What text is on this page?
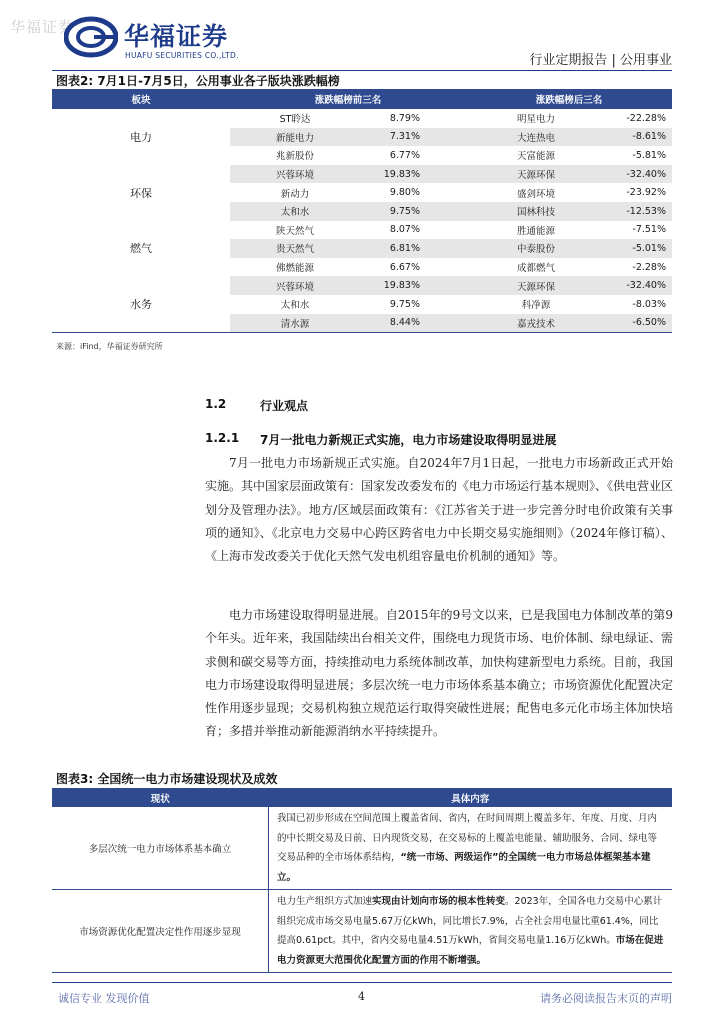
华福证券 华福证券
HUAFU SECURITIES CO.,LTD.	行业定期报告 | 公用事业
图表2: 7月1日-7月5日，公用事业各子版块涨跌幅榜
板块	涨跌幅榜前三名			涨跌幅榜后三名	
	ST聆达	8.79%		明星电力	-22.28%
电力	新能电力	7.31%		大连热电	-8.61%
	兆新股份	6.77%		天富能源	-5.81%
	兴蓉环境	19.83%		天源环保	-32.40%
环保	新动力	9.80%		盛剑环境	-23.92%
	太和水	9.75%		国林科技	-12.53%
	陕天然气	8.07%		胜通能源	-7.51%
燃气	贵天然气	6.81%		中泰股份	-5.01%
	佛燃能源	6.67%		成都燃气	-2.28%
	兴蓉环境	19.83%		天源环保	-32.40%
水务	太和水	9.75%		科净源	-8.03%
	清水源	8.44%		嘉戎技术	-6.50%
来源：iFind，华福证券研究所
1.2	行业观点
1.2.1 7月一批电力新规正式实施，电力市场建设取得明显进展
7月一批电力市场新规正式实施。自2024年7月1日起，一批电力市场新政正式开始实施。其中国家层面政策有：国家发改委发布的《电力市场运行基本规则》、《供电营业区划分及管理办法》。地方/区域层面政策有：《江苏省关于进一步完善分时电价政策有关事项的通知》、《北京电力交易中心跨区跨省电力中长期交易实施细则》（2024年修订稿）、《上海市发改委关于优化天然气发电机组容量电价机制的通知》等。
电力市场建设取得明显进展。自2015年的9号文以来，已是我国电力体制改革的第9个年头。近年来，我国陆续出台相关文件，围绕电力现货市场、电价体制、绿电绿证、需求侧和碳交易等方面，持续推动电力系统体制改革，加快构建新型电力系统。目前，我国电力市场建设取得明显进展；多层次统一电力市场体系基本确立；市场资源优化配置决定性作用逐步显现；交易机构独立规范运行取得突破性进展；配售电多元化市场主体加快培育；多措并举推动新能源消纳水平持续提升。
图表3: 全国统一电力市场建设现状及成效
现状	具体内容
多层次统一电力市场体系基本确立	我国已初步形成在空间范围上覆盖省间、省内，在时间周期上覆盖多年、年度、月度、月内的中长期交易及日前、日内现货交易，在交易标的上覆盖电能量、辅助服务、合同、绿电等交易品种的全市场体系结构，“统一市场、两级运作”的全国统一电力市场总体框架基本建立。
市场资源优化配置决定性作用逐步显现	电力生产组织方式加速实现由计划向市场的根本性转变。2023年，全国各电力交易中心累计组织完成市场交易电量5.67万亿kWh，同比增长7.9%，占全社会用电量比重61.4%，同比提高0.61pct。其中，省内交易电量4.51万kWh，省间交易电量1.16万亿kWh。市场在促进电力资源更大范围优化配置方面的作用不断增强。
诚信专业 发现价值	4	请务必阅读报告末页的声明
